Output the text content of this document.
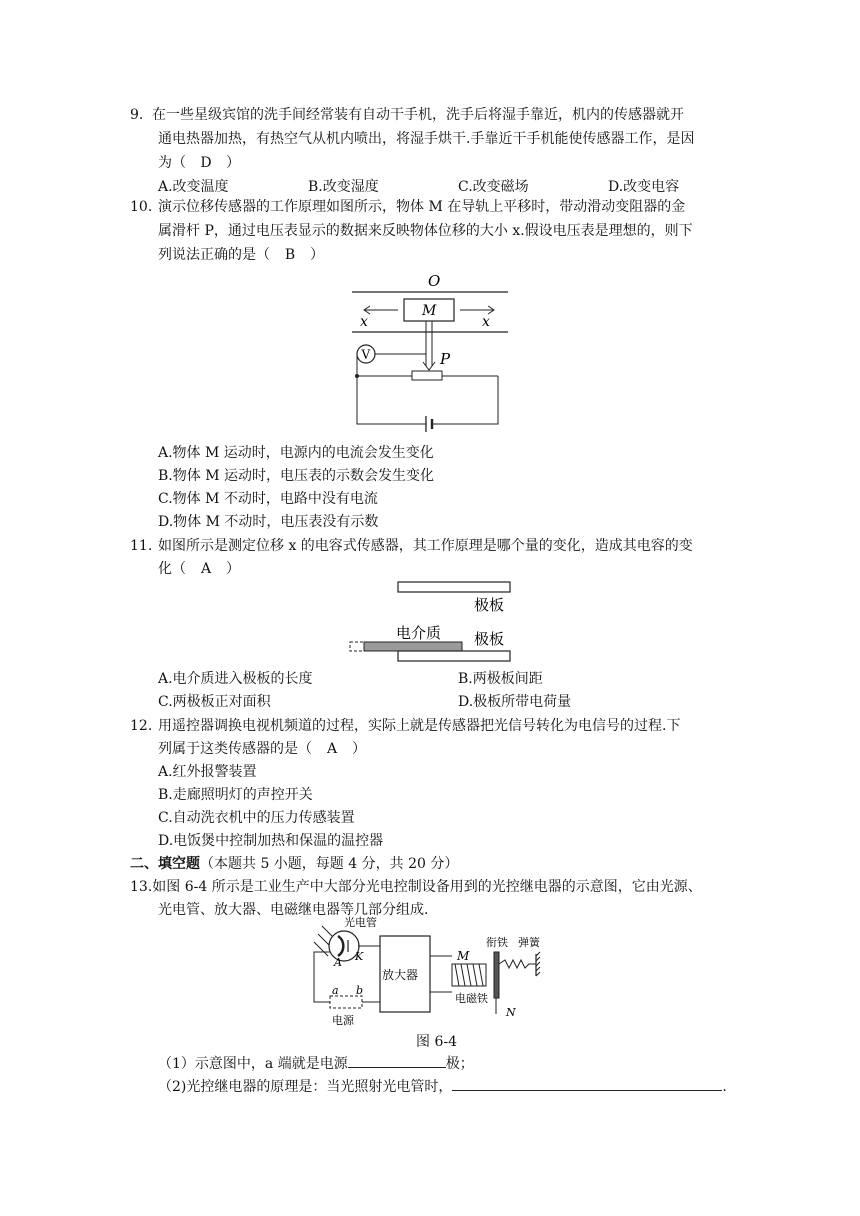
9. 在一些星级宾馆的洗手间经常装有自动干手机，洗手后将湿手靠近，机内的传感器就开
通电热器加热，有热空气从机内喷出，将湿手烘干.手靠近干手机能使传感器工作，是因
为（ D ）
A.改变温度	B.改变湿度	C.改变磁场	D.改变电容
10. 演示位移传感器的工作原理如图所示，物体 M 在导轨上平移时，带动滑动变阻器的金
属滑杆 P，通过电压表显示的数据来反映物体位移的大小 x.假设电压表是理想的，则下
列说法正确的是（ B ）
O
M
x	x
P
V
A.物体 M 运动时，电源内的电流会发生变化
B.物体 M 运动时，电压表的示数会发生变化
C.物体 M 不动时，电路中没有电流
D.物体 M 不动时，电压表没有示数
11. 如图所示是测定位移 x 的电容式传感器，其工作原理是哪个量的变化，造成其电容的变
化（ A ）
极板
电介质 极板
A.电介质进入极板的长度	B.两极板间距
C.两极板正对面积	D.极板所带电荷量
12. 用遥控器调换电视机频道的过程，实际上就是传感器把光信号转化为电信号的过程.下
列属于这类传感器的是（ A ）
A.红外报警装置
B.走廊照明灯的声控开关
C.自动洗衣机中的压力传感装置
D.电饭煲中控制加热和保温的温控器
二、填空题（本题共 5 小题，每题 4 分，共 20 分）
13.如图 6-4 所示是工业生产中大部分光电控制设备用到的光控继电器的示意图，它由光源、
光电管、放大器、电磁继电器等几部分组成.
光电管
A K
a b
电源
放大器
M
电磁铁
N
衔铁 弹簧
图 6-4
（1）示意图中，a 端就是电源	极；
（2)光控继电器的原理是：当光照射光电管时，	.
